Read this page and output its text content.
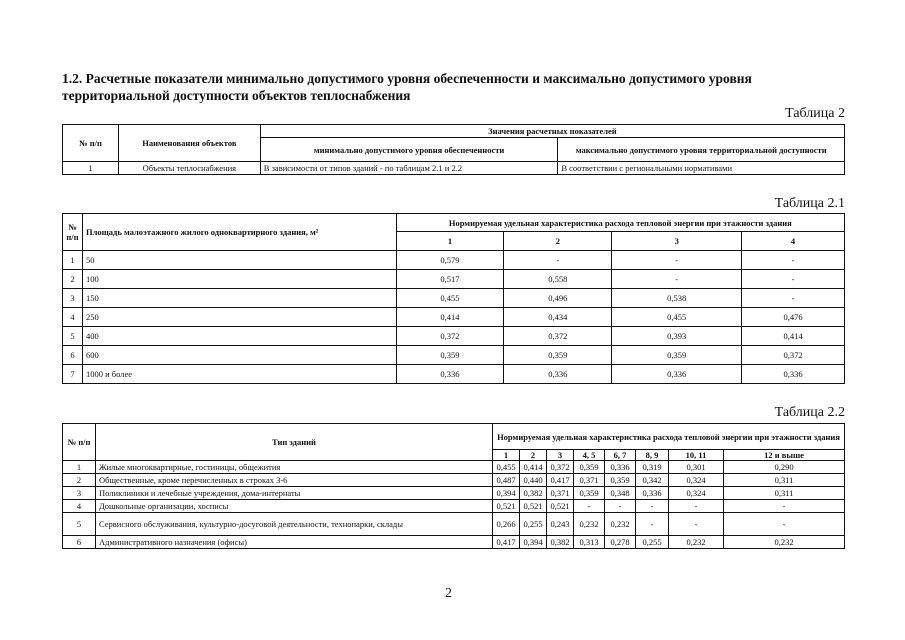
1.2. Расчетные показатели минимально допустимого уровня обеспеченности и максимально допустимого уровня территориальной доступности объектов теплоснабжения
Таблица 2
№ п/п	Наименования объектов	Значения расчетных показателей	
		минимально допустимого уровня обеспеченности	максимально допустимого уровня территориальной доступности
1	Объекты теплоснабжения	В зависимости от типов зданий - по таблицам 2.1 и 2.2	В соответствии с региональными нормативами
Таблица 2.1
№ п/п	Площадь малоэтажного жилого одноквартирного здания, м²	Нормируемая удельная характеристика расхода тепловой энергии при этажности здания			
		1	2	3	4
1	50	0,579	-	-	-
2	100	0,517	0,558	-	-
3	150	0,455	0,496	0,538	-
4	250	0,414	0,434	0,455	0,476
5	400	0,372	0,372	0,393	0,414
6	600	0,359	0,359	0,359	0,372
7	1000 и более	0,336	0,336	0,336	0,336
Таблица 2.2
№ п/п	Тип зданий	Нормируемая удельная характеристика расхода тепловой энергии при этажности здания							
		1	2	3	4, 5	6, 7	8, 9	10, 11	12 и выше
1	Жилые многоквартирные, гостиницы, общежития	0,455	0,414	0,372	0,359	0,336	0,319	0,301	0,290
2	Общественные, кроме перечисленных в строках 3-6	0,487	0,440	0,417	0,371	0,359	0,342	0,324	0,311
3	Поликлиники и лечебные учреждения, дома-интернаты	0,394	0,382	0,371	0,359	0,348	0,336	0,324	0,311
4	Дошкольные организации, хосписы	0,521	0,521	0,521	-	-	-	-	-
5	Сервисного обслуживания, культурно-досуговой деятельности, технопарки, склады	0,266	0,255	0,243	0,232	0,232	-	-	-
6	Административного назначения (офисы)	0,417	0,394	0,382	0,313	0,278	0,255	0,232	0,232
2
